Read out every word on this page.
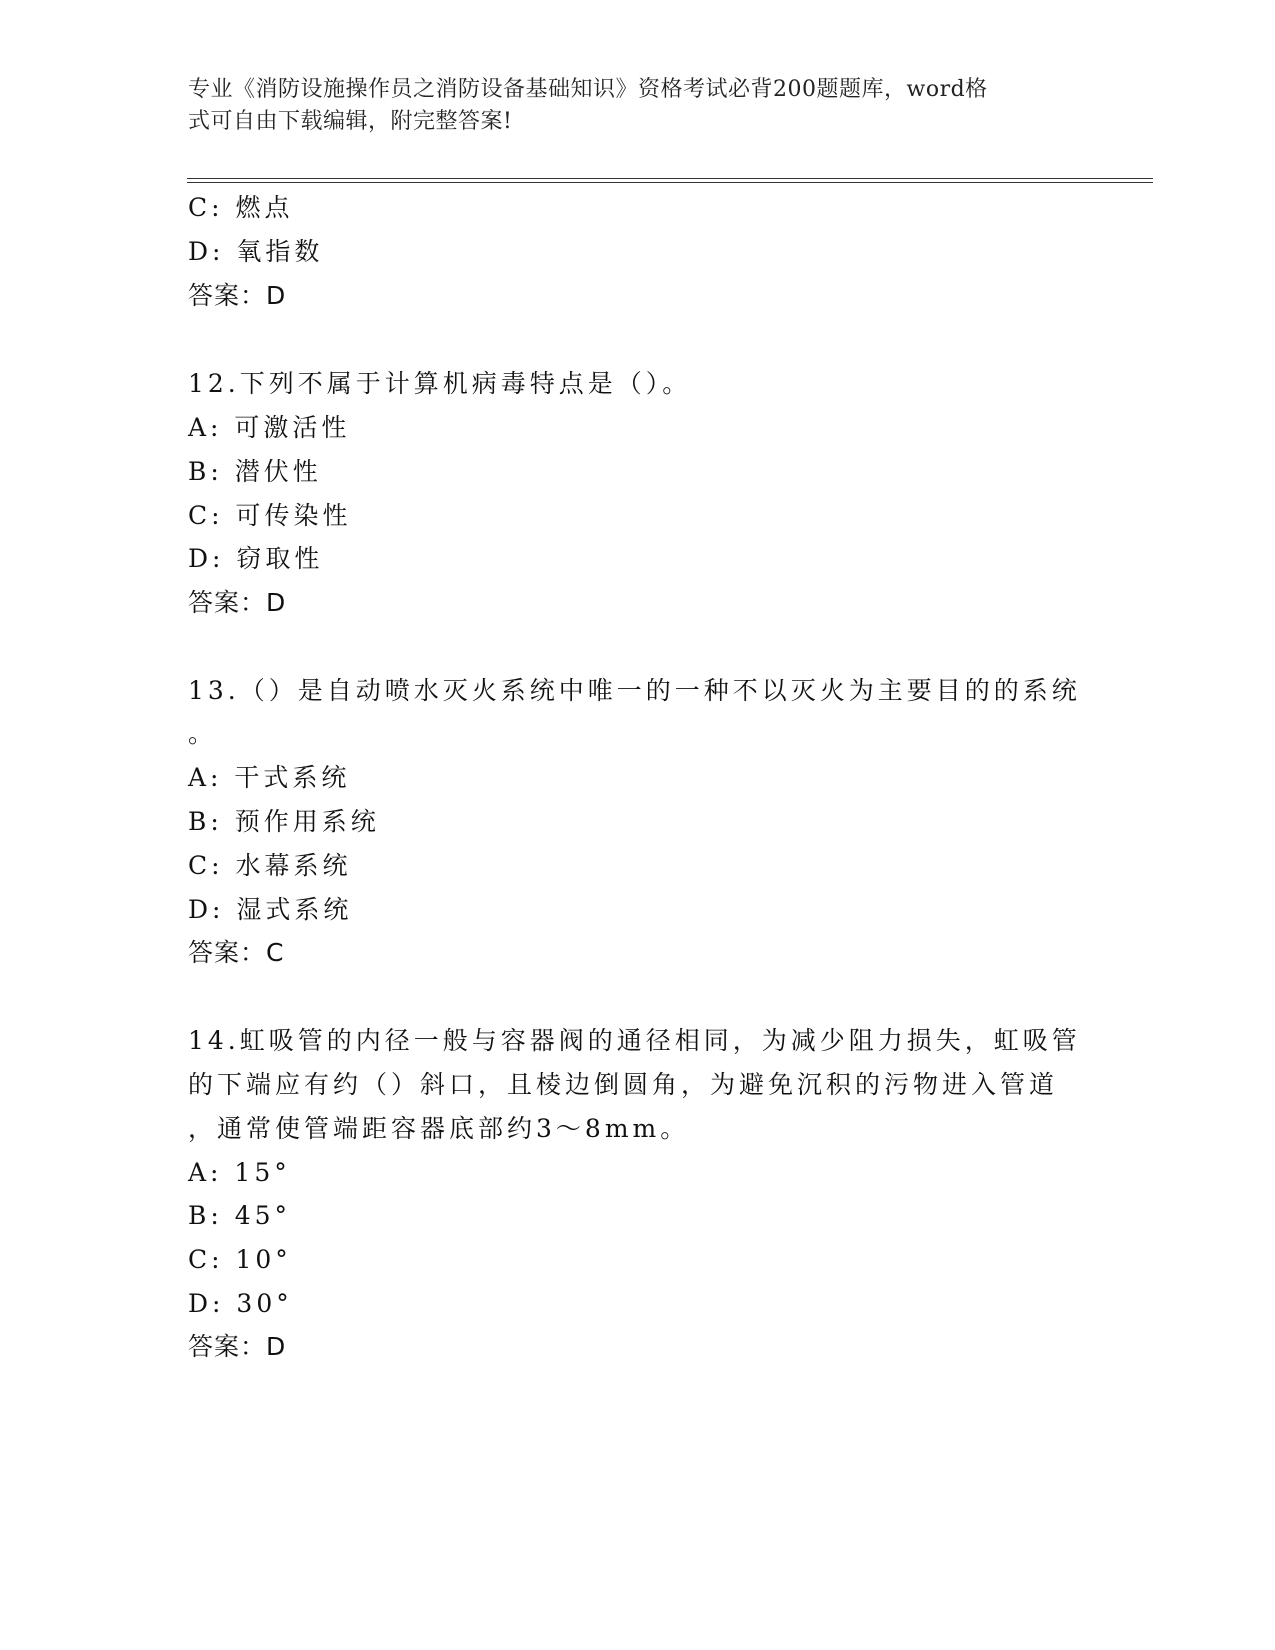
专业《消防设施操作员之消防设备基础知识》资格考试必背200题题库，word格
式可自由下载编辑，附完整答案!
C: 燃点
D: 氧指数
答案：D
12.下列不属于计算机病毒特点是（）。
A: 可激活性
B: 潜伏性
C: 可传染性
D: 窃取性
答案：D
13.（）是自动喷水灭火系统中唯一的一种不以灭火为主要目的的系统
。
A: 干式系统
B: 预作用系统
C: 水幕系统
D: 湿式系统
答案：C
14.虹吸管的内径一般与容器阀的通径相同，为减少阻力损失，虹吸管
的下端应有约（）斜口，且棱边倒圆角，为避免沉积的污物进入管道
，通常使管端距容器底部约3～8mm。
A: 15°
B: 45°
C: 10°
D: 30°
答案：D
